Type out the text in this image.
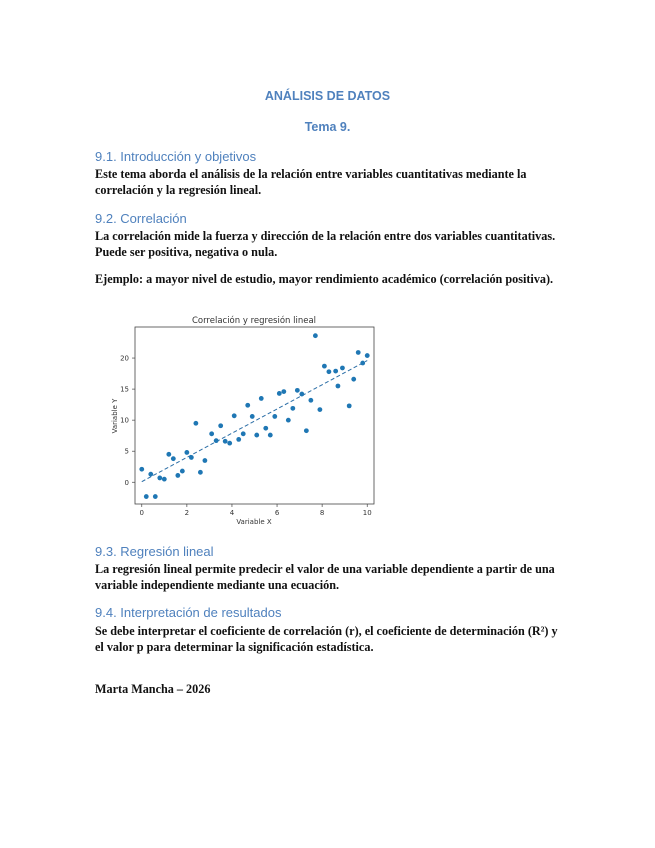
ANÁLISIS DE DATOS
Tema 9.
9.1. Introducción y objetivos
Este tema aborda el análisis de la relación entre variables cuantitativas mediante la
correlación y la regresión lineal.
9.2. Correlación
La correlación mide la fuerza y dirección de la relación entre dos variables cuantitativas.
Puede ser positiva, negativa o nula.
Ejemplo: a mayor nivel de estudio, mayor rendimiento académico (correlación positiva).
Correlación y regresión lineal
0	2	4	6	8	10
0
5
10
15
20
Variable X
Variable Y
9.3. Regresión lineal
La regresión lineal permite predecir el valor de una variable dependiente a partir de una
variable independiente mediante una ecuación.
9.4. Interpretación de resultados
Se debe interpretar el coeficiente de correlación (r), el coeficiente de determinación (R²) y
el valor p para determinar la significación estadística.
Marta Mancha – 2026
